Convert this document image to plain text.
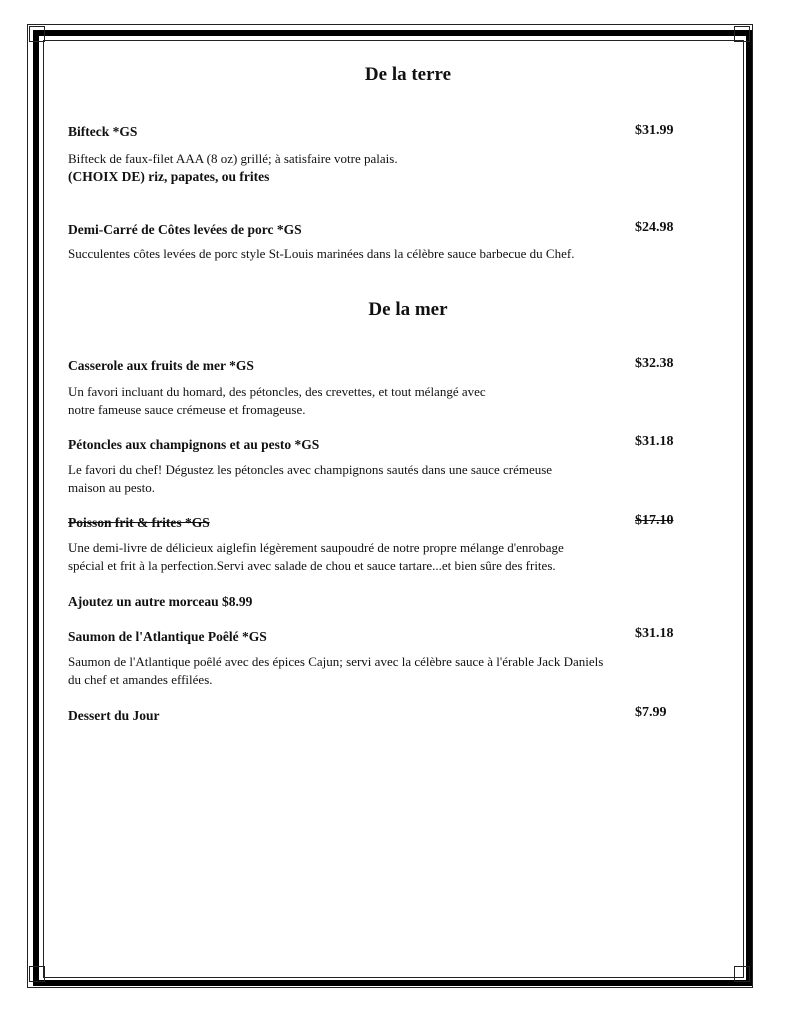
De la terre
Bifteck *GS	$31.99
Bifteck de faux-filet AAA (8 oz) grillé; à satisfaire votre palais.
(CHOIX DE) riz, papates, ou frites
Demi-Carré de Côtes levées de porc *GS	$24.98
Succulentes côtes levées de porc style St-Louis marinées dans la célèbre sauce barbecue du Chef.
De la mer
Casserole aux fruits de mer *GS	$32.38
Un favori incluant du homard, des pétoncles, des crevettes, et tout mélangé avec
notre fameuse sauce crémeuse et fromageuse.
Pétoncles aux champignons et au pesto *GS	$31.18
Le favori du chef! Dégustez les pétoncles avec champignons sautés dans une sauce crémeuse
maison au pesto.
Poisson frit & frites *GS	$17.10
Une demi-livre de délicieux aiglefin légèrement saupoudré de notre propre mélange d'enrobage
spécial et frit à la perfection.Servi avec salade de chou et sauce tartare...et bien sûre des frites.
Ajoutez un autre morceau $8.99
Saumon de l'Atlantique Poêlé *GS	$31.18
Saumon de l'Atlantique poêlé avec des épices Cajun; servi avec la célèbre sauce à l'érable Jack Daniels
du chef et amandes effilées.
Dessert du Jour	$7.99
